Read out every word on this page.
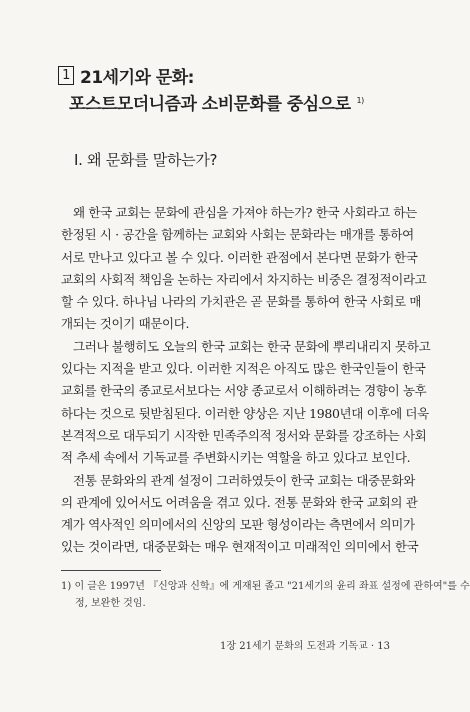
1 21세기와 문화:
포스트모더니즘과 소비문화를 중심으로 $^{1)}$
I. 왜 문화를 말하는가?
왜 한국 교회는 문화에 관심을 가져야 하는가? 한국 사회라고 하는
한정된 시 · 공간을 함께하는 교회와 사회는 문화라는 매개를 통하여
서로 만나고 있다고 볼 수 있다. 이러한 관점에서 본다면 문화가 한국
교회의 사회적 책임을 논하는 자리에서 차지하는 비중은 결정적이라고
할 수 있다. 하나님 나라의 가치관은 곧 문화를 통하여 한국 사회로 매
개되는 것이기 때문이다.
그러나 불행히도 오늘의 한국 교회는 한국 문화에 뿌리내리지 못하고
있다는 지적을 받고 있다. 이러한 지적은 아직도 많은 한국인들이 한국
교회를 한국의 종교로서보다는 서양 종교로서 이해하려는 경향이 농후
하다는 것으로 뒷받침된다. 이러한 양상은 지난 1980년대 이후에 더욱
본격적으로 대두되기 시작한 민족주의적 정서와 문화를 강조하는 사회
적 추세 속에서 기독교를 주변화시키는 역할을 하고 있다고 보인다.
전통 문화와의 관계 설정이 그러하였듯이 한국 교회는 대중문화와
의 관계에 있어서도 어려움을 겪고 있다. 전통 문화와 한국 교회의 관
계가 역사적인 의미에서의 신앙의 모판 형성이라는 측면에서 의미가
있는 것이라면, 대중문화는 매우 현재적이고 미래적인 의미에서 한국
1) 이 글은 1997년 『신앙과 신학』에 게재된 졸고 "21세기의 윤리 좌표 설정에 관하여"를 수
정, 보완한 것임.
1장 21세기 문화의 도전과 기독교 · 13
